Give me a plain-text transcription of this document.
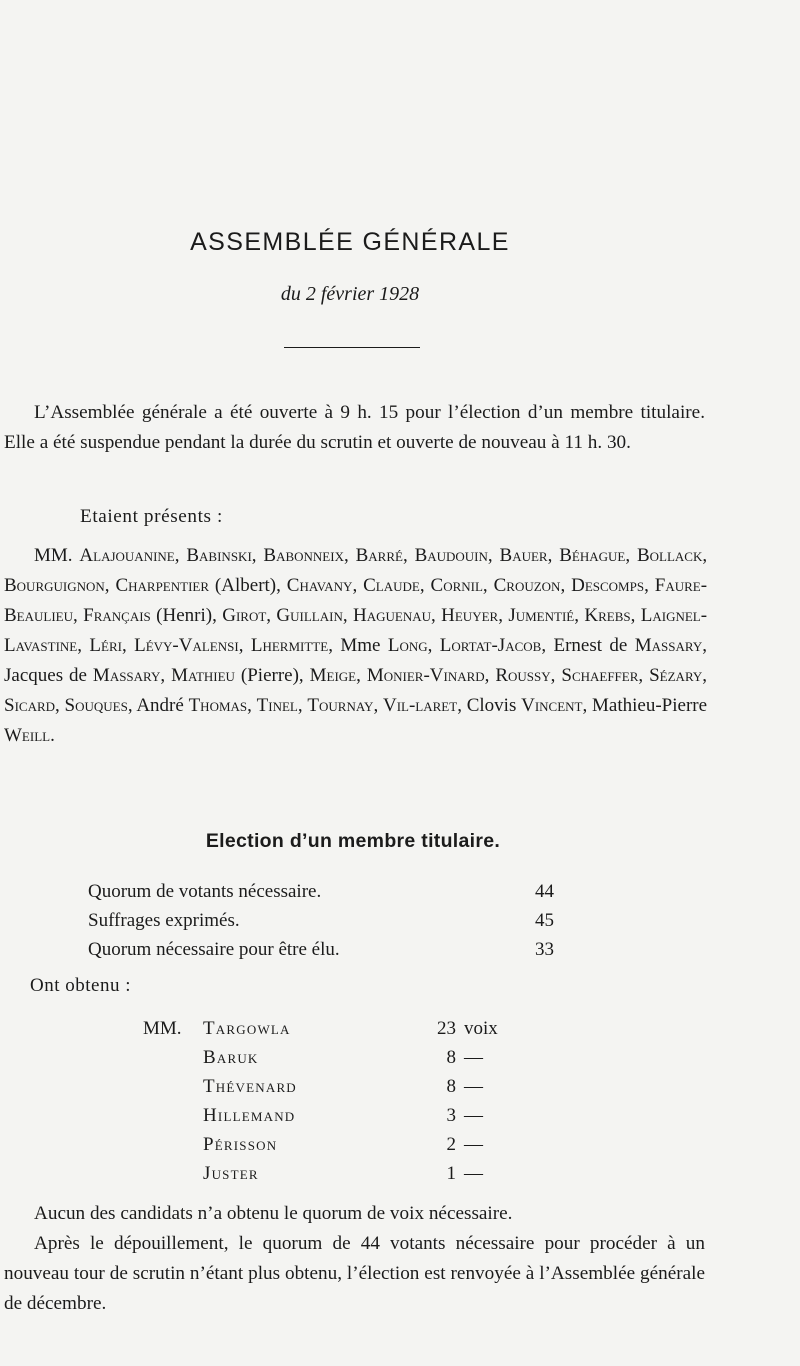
ASSEMBLÉE GÉNÉRALE
du 2 février 1928
L’Assemblée générale a été ouverte à 9 h. 15 pour l’élection d’un membre titulaire. Elle a été suspendue pendant la durée du scrutin et ouverte de nouveau à 11 h. 30.
Etaient présents :
MM. Alajouanine, Babinski, Babonneix, Barré, Baudouin, Bauer, Béhague, Bollack, Bourguignon, Charpentier (Albert), Chavany, Claude, Cornil, Crouzon, Descomps, Faure-Beaulieu, Français (Henri), Girot, Guillain, Haguenau, Heuyer, Jumentié, Krebs, Laignel-Lavastine, Léri, Lévy-Valensi, Lhermitte, Mme Long, Lortat-Jacob, Ernest de Massary, Jacques de Massary, Mathieu (Pierre), Meige, Monier-Vinard, Roussy, Schaeffer, Sézary, Sicard, Souques, André Thomas, Tinel, Tournay, Vil-laret, Clovis Vincent, Mathieu-Pierre Weill.
Election d’un membre titulaire.
Quorum de votants nécessaire.	44
Suffrages exprimés.	45
Quorum nécessaire pour être élu.	33
Ont obtenu :
MM. Targowla	23 voix
Baruk	8 —
Thévenard	8 —
Hillemand	3 —
Périsson	2 —
Juster	1 —
Aucun des candidats n’a obtenu le quorum de voix nécessaire.
Après le dépouillement, le quorum de 44 votants nécessaire pour procéder à un nouveau tour de scrutin n’étant plus obtenu, l’élection est renvoyée à l’Assemblée générale de décembre.
